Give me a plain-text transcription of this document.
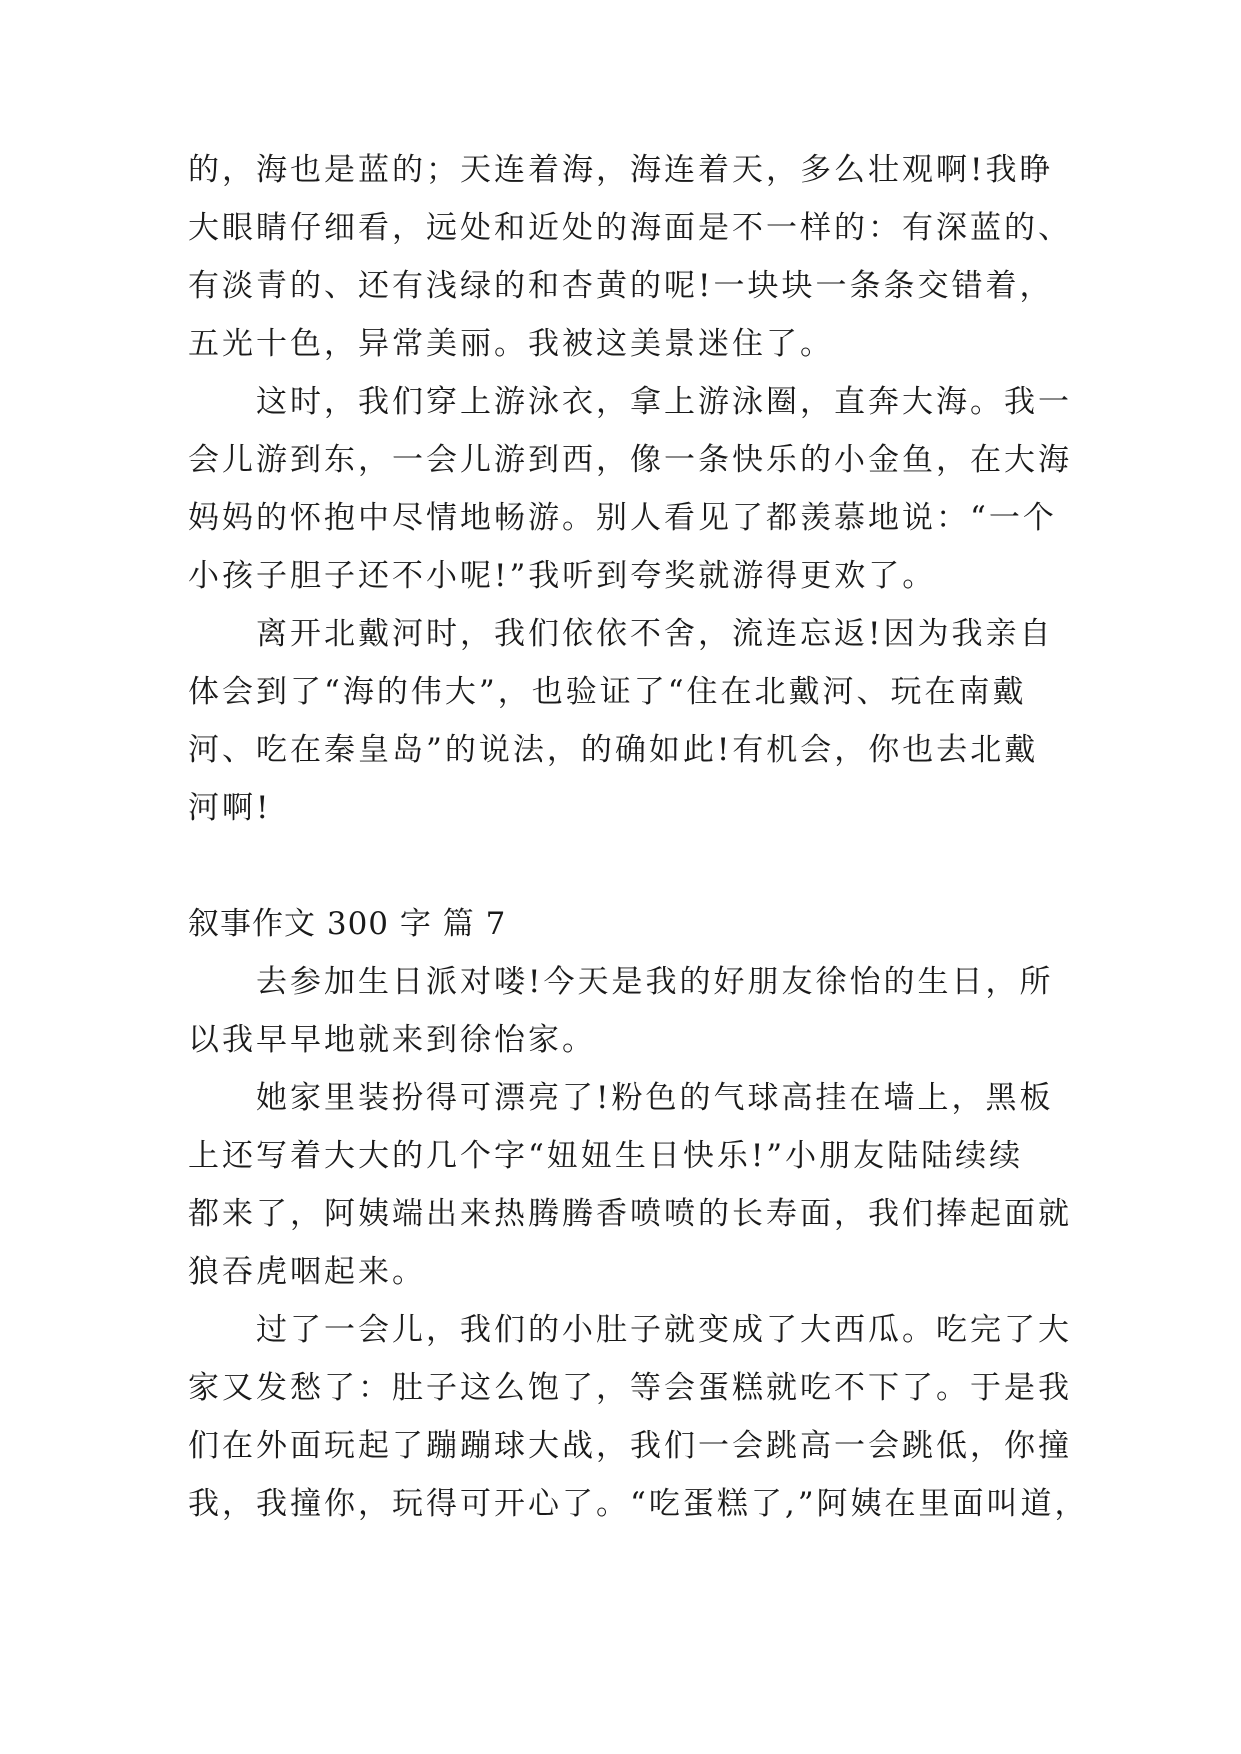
的，海也是蓝的；天连着海，海连着天，多么壮观啊!我睁
大眼睛仔细看，远处和近处的海面是不一样的：有深蓝的、
有淡青的、还有浅绿的和杏黄的呢!一块块一条条交错着，
五光十色，异常美丽。我被这美景迷住了。
这时，我们穿上游泳衣，拿上游泳圈，直奔大海。我一
会儿游到东，一会儿游到西，像一条快乐的小金鱼，在大海
妈妈的怀抱中尽情地畅游。别人看见了都羡慕地说：“一个
小孩子胆子还不小呢!”我听到夸奖就游得更欢了。
离开北戴河时，我们依依不舍，流连忘返!因为我亲自
体会到了“海的伟大”，也验证了“住在北戴河、玩在南戴
河、吃在秦皇岛”的说法，的确如此!有机会，你也去北戴
河啊!
叙事作文 300 字 篇 7
去参加生日派对喽!今天是我的好朋友徐怡的生日，所
以我早早地就来到徐怡家。
她家里装扮得可漂亮了!粉色的气球高挂在墙上，黑板
上还写着大大的几个字“妞妞生日快乐!”小朋友陆陆续续
都来了，阿姨端出来热腾腾香喷喷的长寿面，我们捧起面就
狼吞虎咽起来。
过了一会儿，我们的小肚子就变成了大西瓜。吃完了大
家又发愁了：肚子这么饱了，等会蛋糕就吃不下了。于是我
们在外面玩起了蹦蹦球大战，我们一会跳高一会跳低，你撞
我，我撞你，玩得可开心了。“吃蛋糕了,”阿姨在里面叫道，
